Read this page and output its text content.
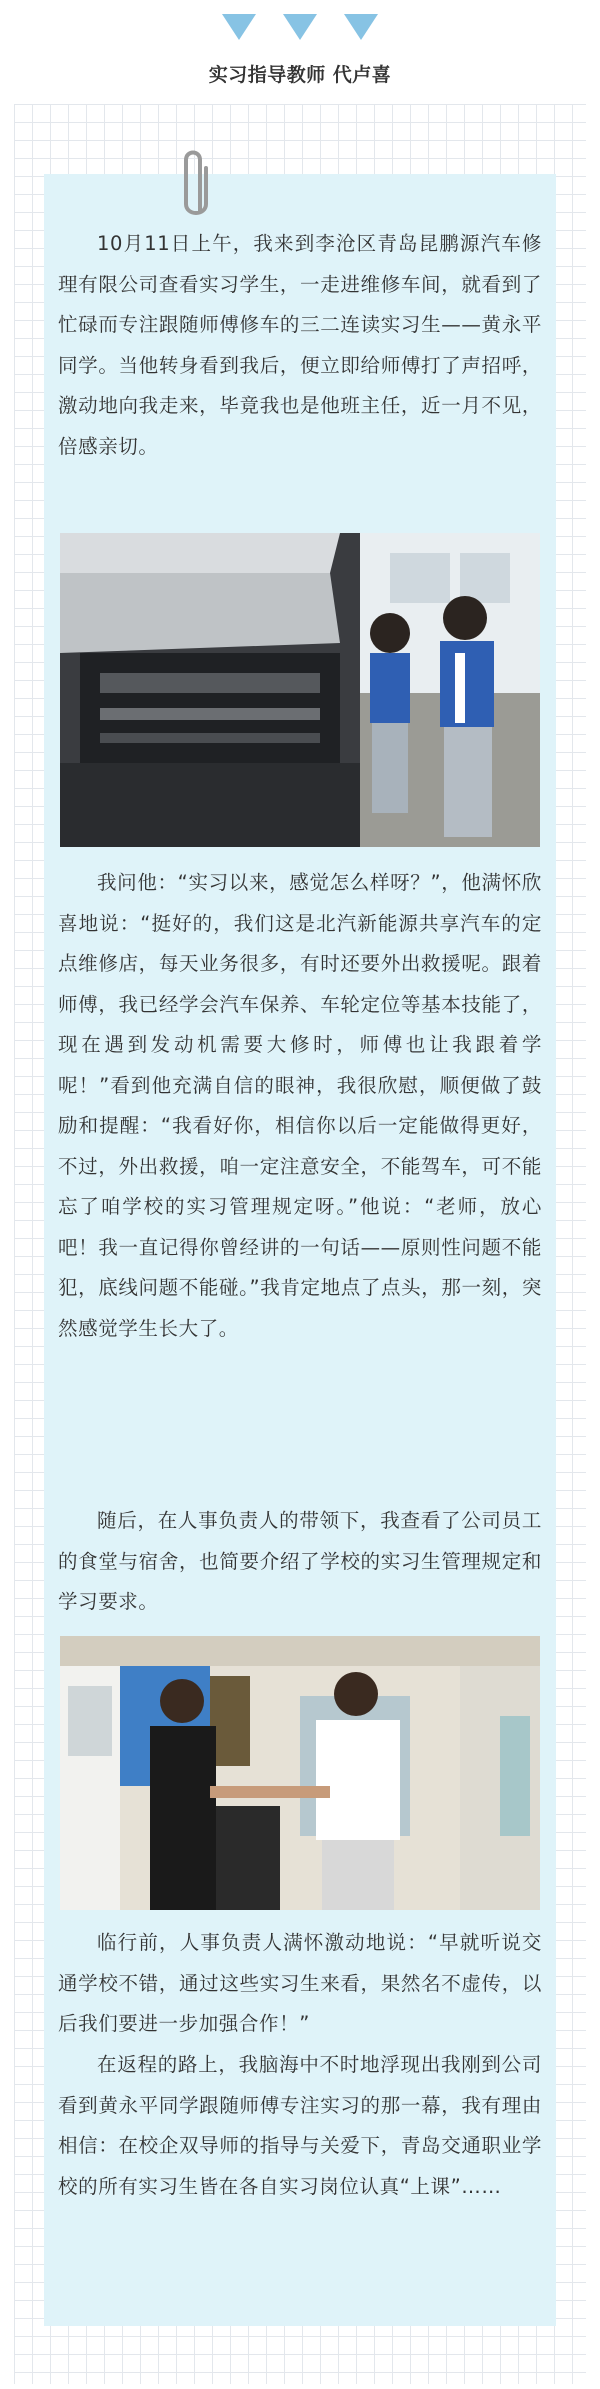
实习指导教师 代卢喜

10月11日上午，我来到李沧区青岛昆鹏源汽车修理有限公司查看实习学生，一走进维修车间，就看到了忙碌而专注跟随师傅修车的三二连读实习生——黄永平同学。当他转身看到我后，便立即给师傅打了声招呼，激动地向我走来，毕竟我也是他班主任，近一月不见，倍感亲切。

我问他：“实习以来，感觉怎么样呀？”，他满怀欣喜地说：“挺好的，我们这是北汽新能源共享汽车的定点维修店，每天业务很多，有时还要外出救援呢。跟着师傅，我已经学会汽车保养、车轮定位等基本技能了，现在遇到发动机需要大修时，师傅也让我跟着学呢！”看到他充满自信的眼神，我很欣慰，顺便做了鼓励和提醒：“我看好你，相信你以后一定能做得更好，不过，外出救援，咱一定注意安全，不能驾车，可不能忘了咱学校的实习管理规定呀。”他说：“老师，放心吧！我一直记得你曾经讲的一句话——原则性问题不能犯，底线问题不能碰。”我肯定地点了点头，那一刻，突然感觉学生长大了。

随后，在人事负责人的带领下，我查看了公司员工的食堂与宿舍，也简要介绍了学校的实习生管理规定和学习要求。

临行前，人事负责人满怀激动地说：“早就听说交通学校不错，通过这些实习生来看，果然名不虚传，以后我们要进一步加强合作！”

在返程的路上，我脑海中不时地浮现出我刚到公司看到黄永平同学跟随师傅专注实习的那一幕，我有理由相信：在校企双导师的指导与关爱下，青岛交通职业学校的所有实习生皆在各自实习岗位认真“上课”……
